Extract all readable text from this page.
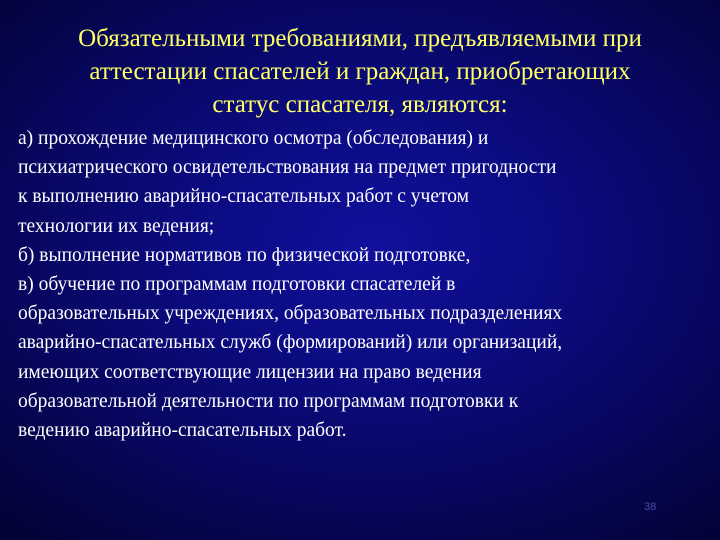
Обязательными требованиями, предъявляемыми при
аттестации спасателей и граждан, приобретающих
статус спасателя, являются:
а) прохождение медицинского осмотра (обследования) и
психиатрического освидетельствования на предмет пригодности
к выполнению аварийно-спасательных работ с учетом
технологии их ведения;
б) выполнение нормативов по физической подготовке,
в) обучение по программам подготовки спасателей в
образовательных учреждениях, образовательных подразделениях
аварийно-спасательных служб (формирований) или организаций,
имеющих соответствующие лицензии на право ведения
образовательной деятельности по программам подготовки к
ведению аварийно-спасательных работ.
38
